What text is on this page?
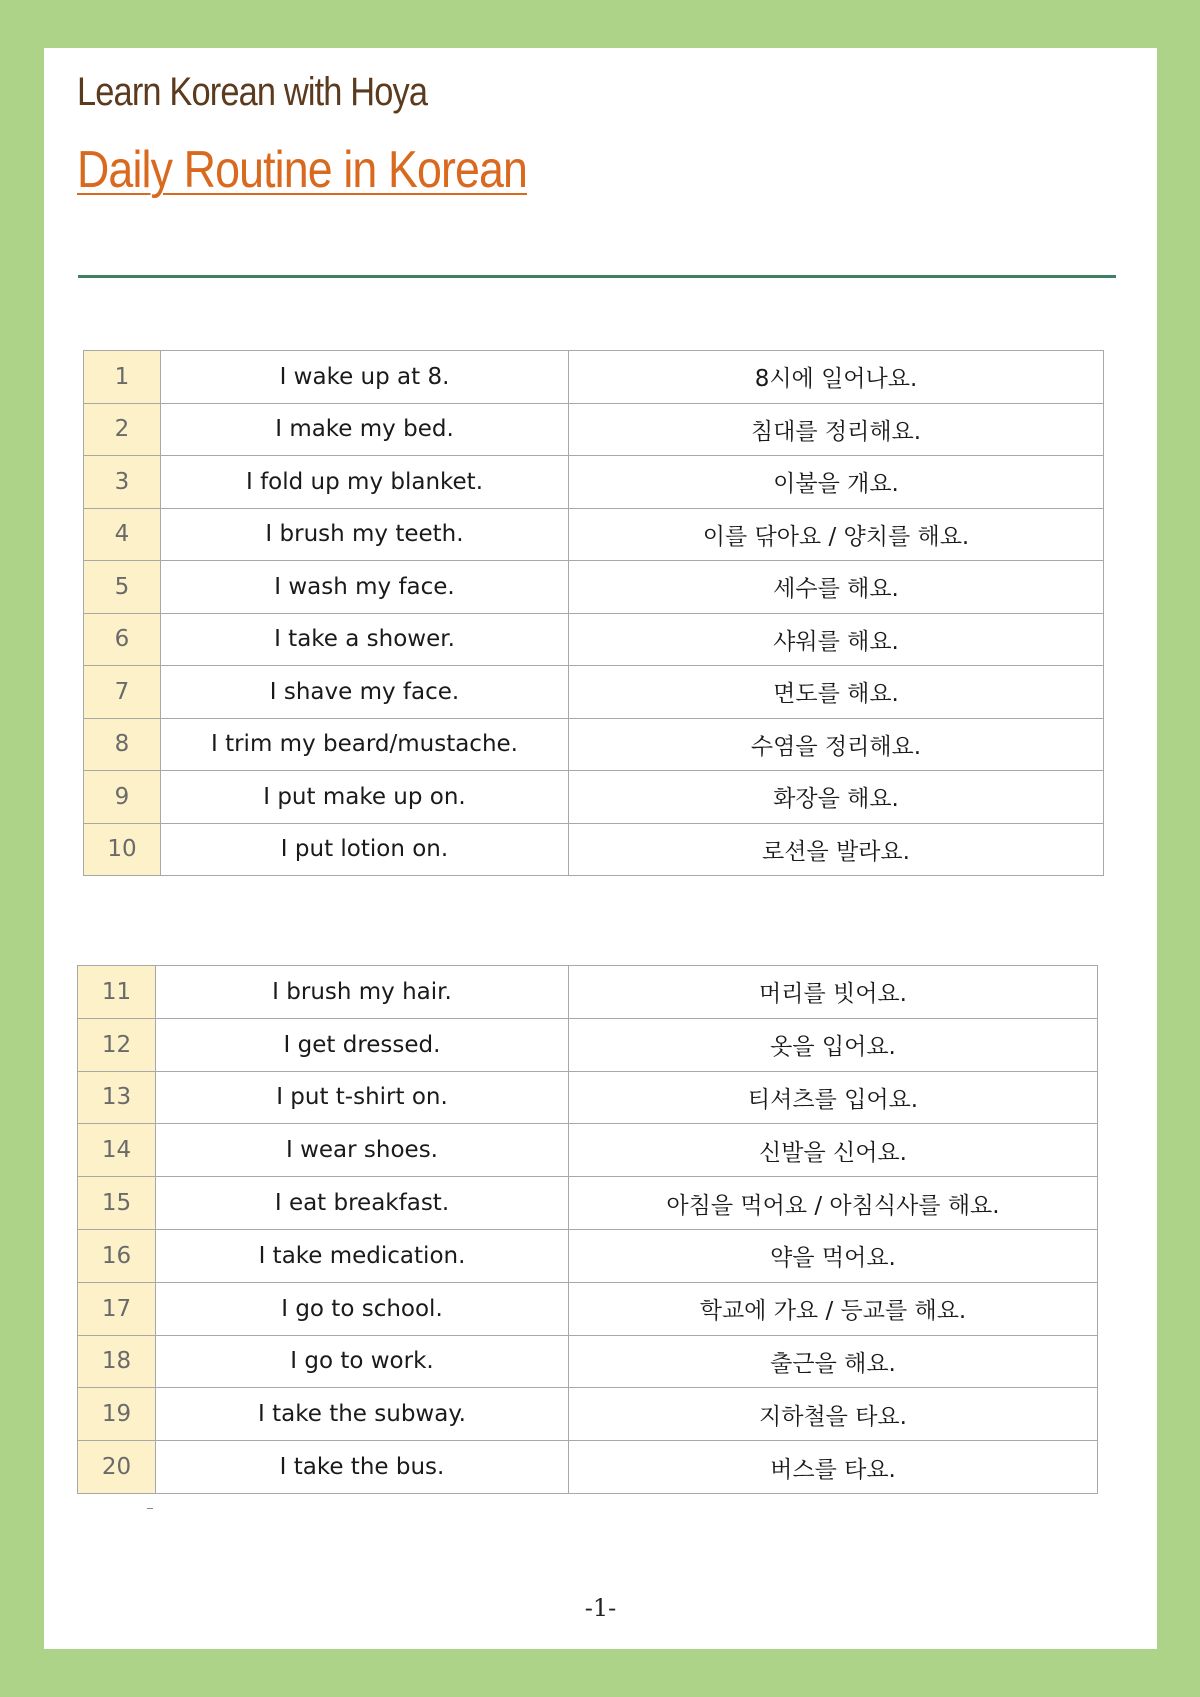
Learn Korean with Hoya
Daily Routine in Korean
1	I wake up at 8.	8시에 일어나요.
2	I make my bed.	침대를 정리해요.
3	I fold up my blanket.	이불을 개요.
4	I brush my teeth.	이를 닦아요 / 양치를 해요.
5	I wash my face.	세수를 해요.
6	I take a shower.	샤워를 해요.
7	I shave my face.	면도를 해요.
8	I trim my beard/mustache.	수염을 정리해요.
9	I put make up on.	화장을 해요.
10	I put lotion on.	로션을 발라요.
11	I brush my hair.	머리를 빗어요.
12	I get dressed.	옷을 입어요.
13	I put t-shirt on.	티셔츠를 입어요.
14	I wear shoes.	신발을 신어요.
15	I eat breakfast.	아침을 먹어요 / 아침식사를 해요.
16	I take medication.	약을 먹어요.
17	I go to school.	학교에 가요 / 등교를 해요.
18	I go to work.	출근을 해요.
19	I take the subway.	지하철을 타요.
20	I take the bus.	버스를 타요.
-1-
